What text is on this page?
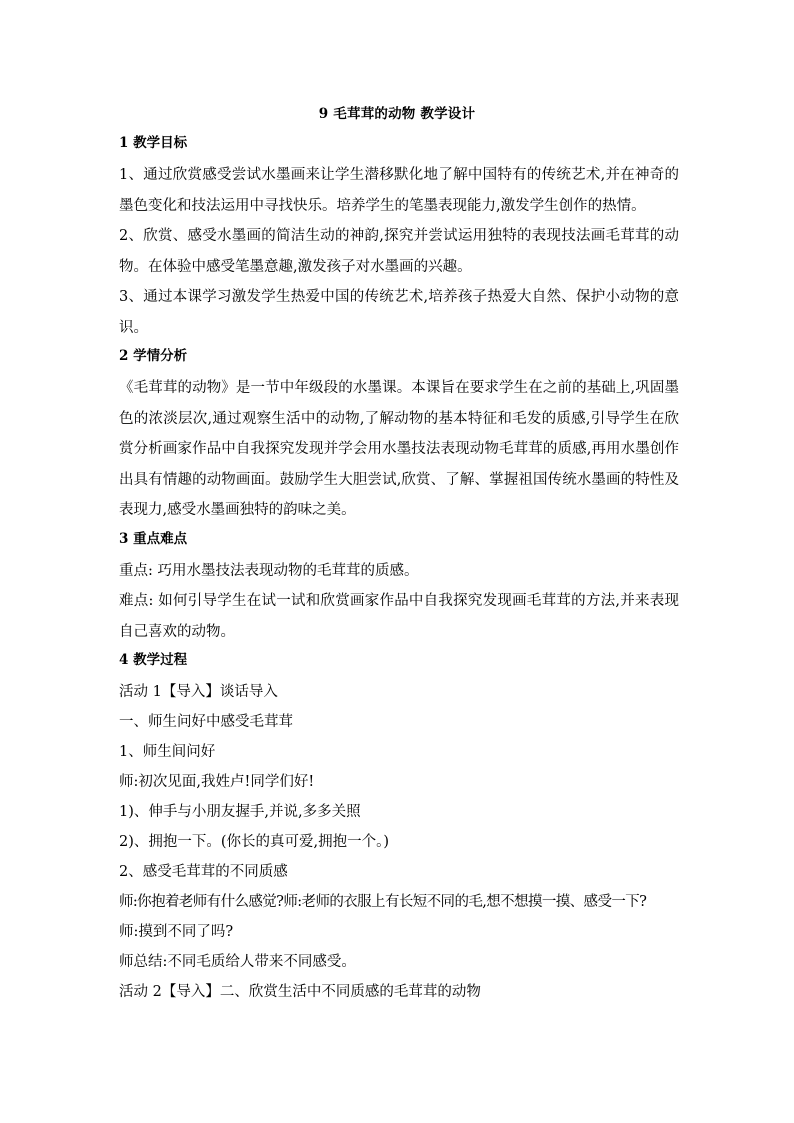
9 毛茸茸的动物 教学设计
1 教学目标

1、通过欣赏感受尝试水墨画来让学生潜移默化地了解中国特有的传统艺术,并在神奇的墨色变化和技法运用中寻找快乐。培养学生的笔墨表现能力,激发学生创作的热情。

2、欣赏、感受水墨画的简洁生动的神韵,探究并尝试运用独特的表现技法画毛茸茸的动物。在体验中感受笔墨意趣,激发孩子对水墨画的兴趣。

3、通过本课学习激发学生热爱中国的传统艺术,培养孩子热爱大自然、保护小动物的意识。

2 学情分析

《毛茸茸的动物》是一节中年级段的水墨课。本课旨在要求学生在之前的基础上,巩固墨色的浓淡层次,通过观察生活中的动物,了解动物的基本特征和毛发的质感,引导学生在欣赏分析画家作品中自我探究发现并学会用水墨技法表现动物毛茸茸的质感,再用水墨创作出具有情趣的动物画面。鼓励学生大胆尝试,欣赏、了解、掌握祖国传统水墨画的特性及表现力,感受水墨画独特的韵味之美。

3 重点难点

重点: 巧用水墨技法表现动物的毛茸茸的质感。

难点: 如何引导学生在试一试和欣赏画家作品中自我探究发现画毛茸茸的方法,并来表现自己喜欢的动物。

4 教学过程

活动 1【导入】谈话导入

一、师生问好中感受毛茸茸

1、师生间问好

师:初次见面,我姓卢!同学们好!

1)、伸手与小朋友握手,并说,多多关照

2)、拥抱一下。(你长的真可爱,拥抱一个。)

2、感受毛茸茸的不同质感

师:你抱着老师有什么感觉?师:老师的衣服上有长短不同的毛,想不想摸一摸、感受一下?

师:摸到不同了吗?

师总结:不同毛质给人带来不同感受。

活动 2【导入】二、欣赏生活中不同质感的毛茸茸的动物
